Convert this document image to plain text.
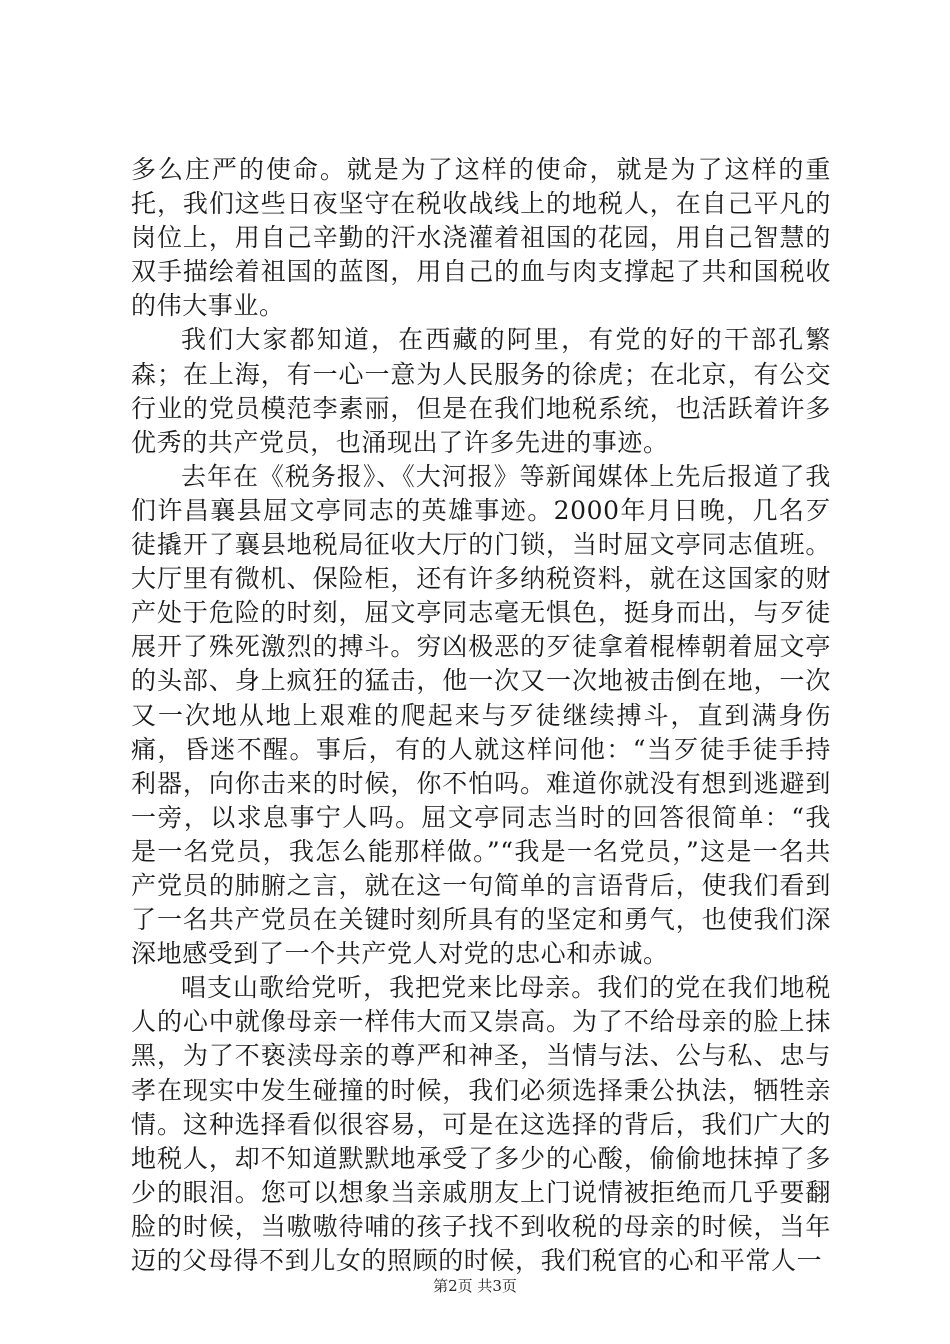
多么庄严的使命。就是为了这样的使命，就是为了这样的重托，我们这些日夜坚守在税收战线上的地税人，在自己平凡的岗位上，用自己辛勤的汗水浇灌着祖国的花园，用自己智慧的双手描绘着祖国的蓝图，用自己的血与肉支撑起了共和国税收的伟大事业。

我们大家都知道，在西藏的阿里，有党的好的干部孔繁森；在上海，有一心一意为人民服务的徐虎；在北京，有公交行业的党员模范李素丽，但是在我们地税系统，也活跃着许多优秀的共产党员，也涌现出了许多先进的事迹。

去年在《税务报》、《大河报》等新闻媒体上先后报道了我们许昌襄县屈文亭同志的英雄事迹。2000年月日晚，几名歹徒撬开了襄县地税局征收大厅的门锁，当时屈文亭同志值班。大厅里有微机、保险柜，还有许多纳税资料，就在这国家的财产处于危险的时刻，屈文亭同志毫无惧色，挺身而出，与歹徒展开了殊死激烈的搏斗。穷凶极恶的歹徒拿着棍棒朝着屈文亭的头部、身上疯狂的猛击，他一次又一次地被击倒在地，一次又一次地从地上艰难的爬起来与歹徒继续搏斗，直到满身伤痛，昏迷不醒。事后，有的人就这样问他：“当歹徒手徒手持利器，向你击来的时候，你不怕吗。难道你就没有想到逃避到一旁，以求息事宁人吗。屈文亭同志当时的回答很简单：“我是一名党员，我怎么能那样做。”“我是一名党员，”这是一名共产党员的肺腑之言，就在这一句简单的言语背后，使我们看到了一名共产党员在关键时刻所具有的坚定和勇气，也使我们深深地感受到了一个共产党人对党的忠心和赤诚。

唱支山歌给党听，我把党来比母亲。我们的党在我们地税人的心中就像母亲一样伟大而又崇高。为了不给母亲的脸上抹黑，为了不亵渎母亲的尊严和神圣，当情与法、公与私、忠与孝在现实中发生碰撞的时候，我们必须选择秉公执法，牺牲亲情。这种选择看似很容易，可是在这选择的背后，我们广大的地税人，却不知道默默地承受了多少的心酸，偷偷地抹掉了多少的眼泪。您可以想象当亲戚朋友上门说情被拒绝而几乎要翻脸的时候，当嗷嗷待哺的孩子找不到收税的母亲的时候，当年迈的父母得不到儿女的照顾的时候，我们税官的心和平常人一

第2页 共3页
